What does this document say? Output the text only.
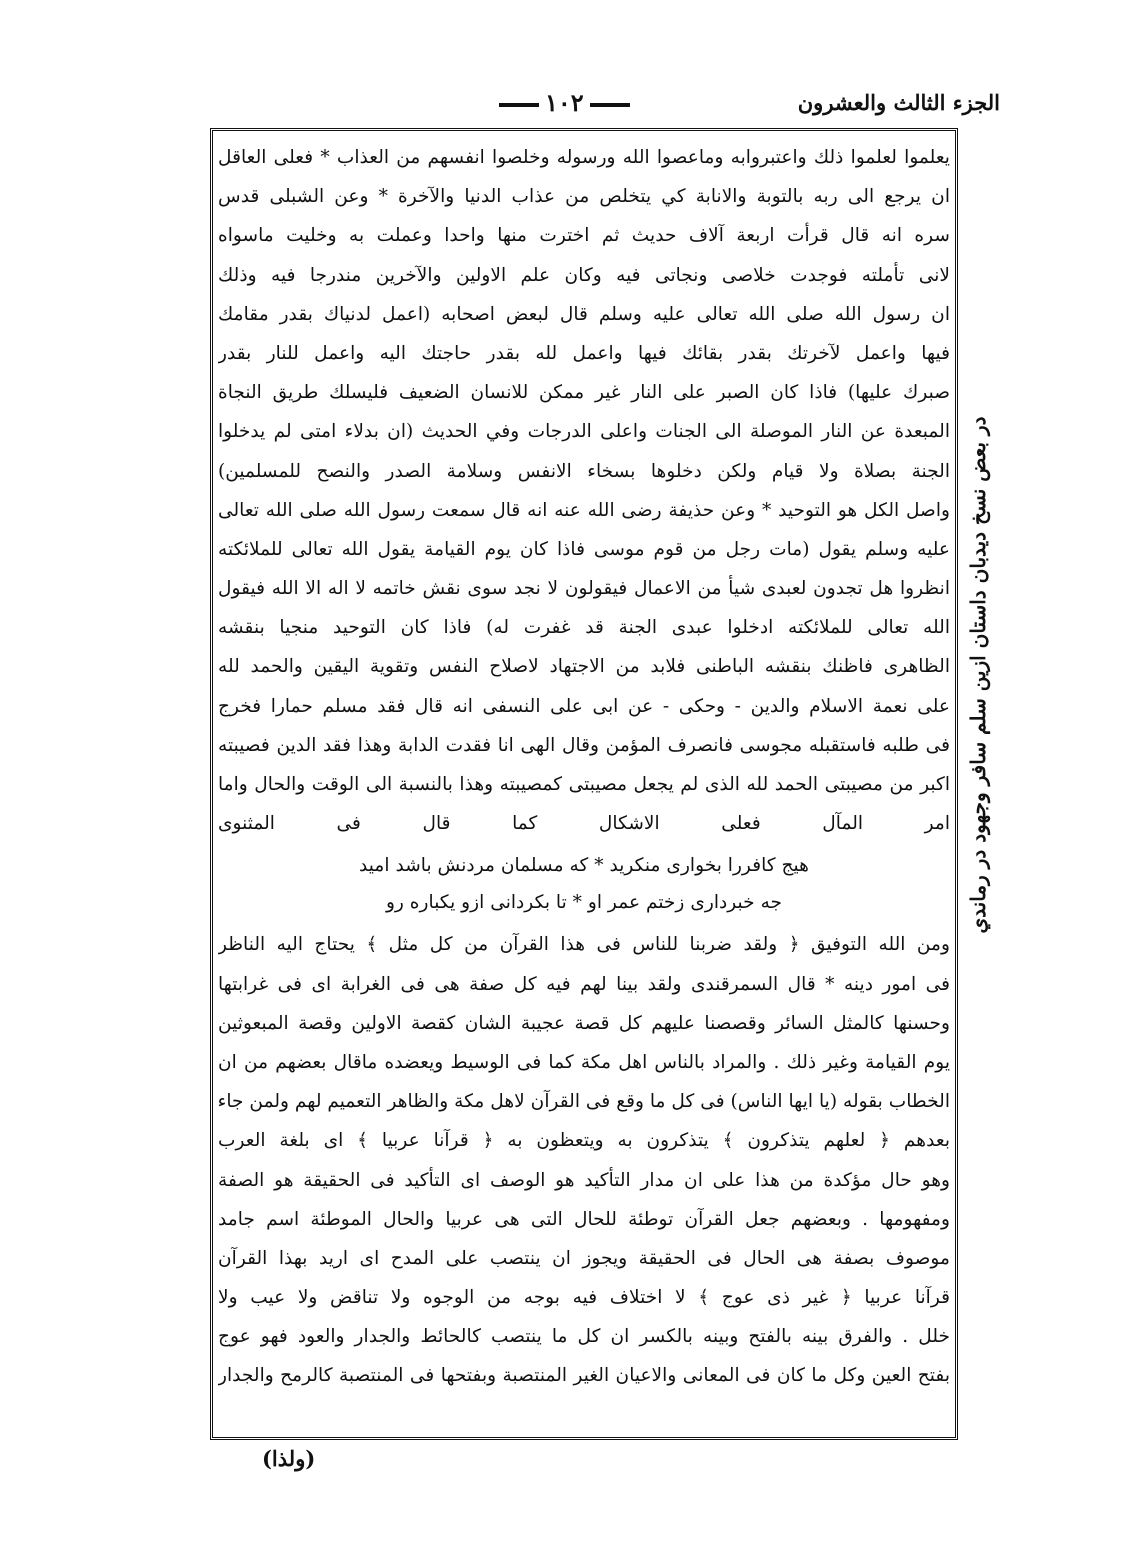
١٠٢	الجزء الثالث والعشرون
يعلموا لعلموا ذلك واعتبروابه وماعصوا الله ورسوله وخلصوا انفسهم من العذاب * فعلى العاقل
ان يرجع الى ربه بالتوبة والانابة كي يتخلص من عذاب الدنيا والآخرة * وعن الشبلى قدس
سره انه قال قرأت اربعة آلاف حديث ثم اخترت منها واحدا وعملت به وخليت ماسواه
لانى تأملته فوجدت خلاصى ونجاتى فيه وكان علم الاولين والآخرين مندرجا فيه وذلك
ان رسول الله صلى الله تعالى عليه وسلم قال لبعض اصحابه (اعمل لدنياك بقدر مقامك
فيها واعمل لآخرتك بقدر بقائك فيها واعمل لله بقدر حاجتك اليه واعمل للنار بقدر
صبرك عليها) فاذا كان الصبر على النار غير ممكن للانسان الضعيف فليسلك طريق النجاة
المبعدة عن النار الموصلة الى الجنات واعلى الدرجات وفي الحديث (ان بدلاء امتى لم يدخلوا
الجنة بصلاة ولا قيام ولكن دخلوها بسخاء الانفس وسلامة الصدر والنصح للمسلمين)
واصل الكل هو التوحيد * وعن حذيفة رضى الله عنه انه قال سمعت رسول الله صلى الله تعالى
عليه وسلم يقول (مات رجل من قوم موسى فاذا كان يوم القيامة يقول الله تعالى للملائكته
انظروا هل تجدون لعبدى شيأ من الاعمال فيقولون لا نجد سوى نقش خاتمه لا اله الا الله فيقول
الله تعالى للملائكته ادخلوا عبدى الجنة قد غفرت له) فاذا كان التوحيد منجيا بنقشه
الظاهرى فاظنك بنقشه الباطنى فلابد من الاجتهاد لاصلاح النفس وتقوية اليقين والحمد لله
على نعمة الاسلام والدين - وحكى - عن ابى على النسفى انه قال فقد مسلم حمارا فخرج
فى طلبه فاستقبله مجوسى فانصرف المؤمن وقال الهى انا فقدت الدابة وهذا فقد الدين فصيبته
اكبر من مصيبتى الحمد لله الذى لم يجعل مصيبتى كمصيبته وهذا بالنسبة الى الوقت والحال واما
امر المآل فعلى الاشكال كما قال فى المثنوى
هيج كافررا بخوارى منكريد * كه مسلمان مردنش باشد اميد
جه خبردارى زختم عمر او * تا بكردانى ازو يكباره رو
ومن الله التوفيق ﴿ ولقد ضربنا للناس فى هذا القرآن من كل مثل ﴾ يحتاج اليه الناظر
فى امور دينه * قال السمرقندى ولقد بينا لهم فيه كل صفة هى فى الغرابة اى فى غرابتها
وحسنها كالمثل السائر وقصصنا عليهم كل قصة عجيبة الشان كقصة الاولين وقصة المبعوثين
يوم القيامة وغير ذلك . والمراد بالناس اهل مكة كما فى الوسيط ويعضده ماقال بعضهم من ان
الخطاب بقوله (يا ايها الناس) فى كل ما وقع فى القرآن لاهل مكة والظاهر التعميم لهم ولمن جاء
بعدهم ﴿ لعلهم يتذكرون ﴾ يتذكرون به ويتعظون به ﴿ قرآنا عربيا ﴾ اى بلغة العرب
وهو حال مؤكدة من هذا على ان مدار التأكيد هو الوصف اى التأكيد فى الحقيقة هو الصفة
ومفهومها . وبعضهم جعل القرآن توطئة للحال التى هى عربيا والحال الموطئة اسم جامد
موصوف بصفة هى الحال فى الحقيقة ويجوز ان ينتصب على المدح اى اريد بهذا القرآن
قرآنا عربيا ﴿ غير ذى عوج ﴾ لا اختلاف فيه بوجه من الوجوه ولا تناقض ولا عيب ولا
خلل . والفرق بينه بالفتح وبينه بالكسر ان كل ما ينتصب كالحائط والجدار والعود فهو عوج
بفتح العين وكل ما كان فى المعانى والاعيان الغير المنتصبة وبفتحها فى المنتصبة كالرمح والجدار
در بعض نسخ ديدبان داستان ازين سلم سافر وجهود در رماندي
(ولذا)
